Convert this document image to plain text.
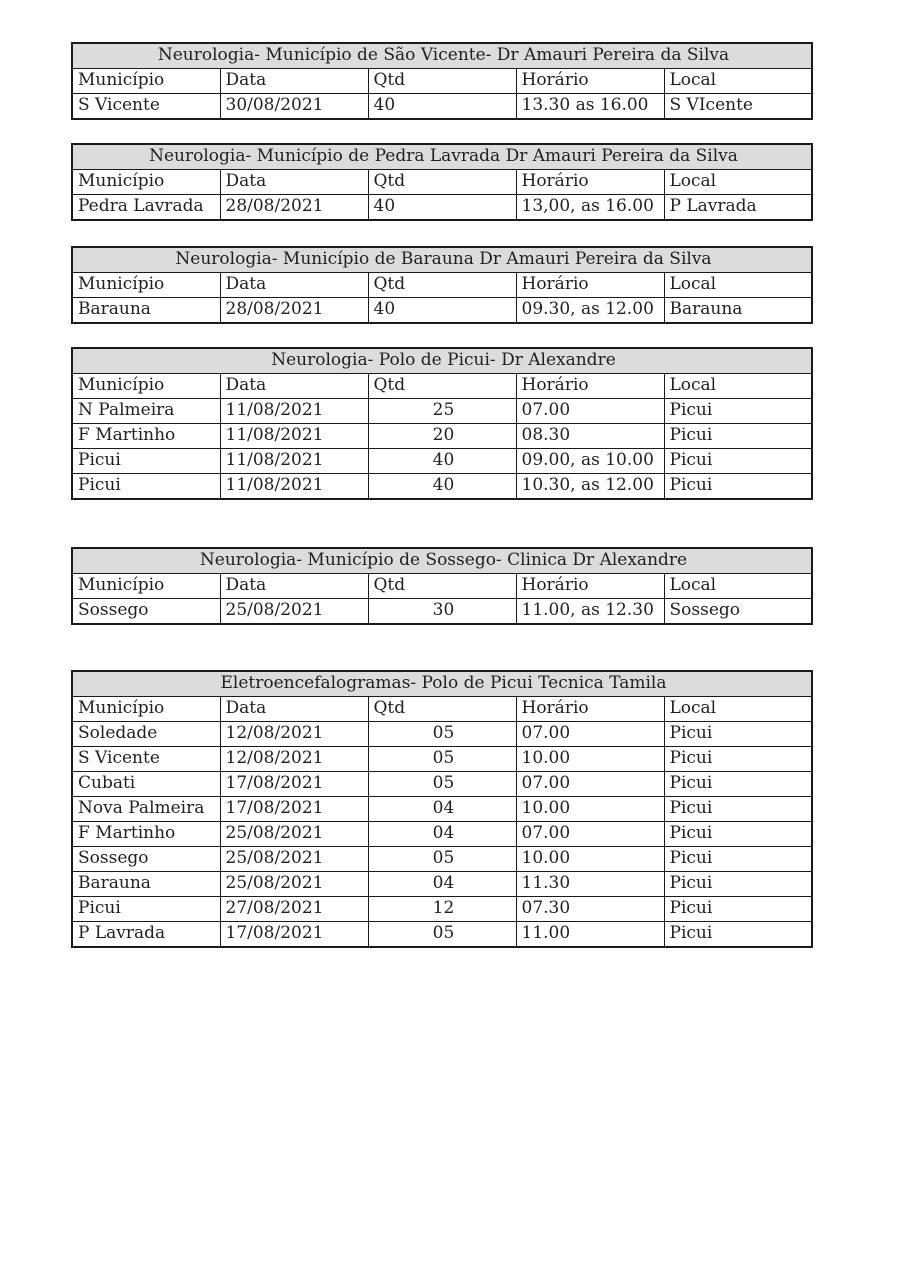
Neurologia- Município de São Vicente- Dr Amauri Pereira da Silva				
Município	Data	Qtd	Horário	Local
S Vicente	30/08/2021	40	13.30 as 16.00	S VIcente
Neurologia- Município de Pedra Lavrada Dr Amauri Pereira da Silva				
Município	Data	Qtd	Horário	Local
Pedra Lavrada	28/08/2021	40	13,00, as 16.00	P Lavrada
Neurologia- Município de Barauna Dr Amauri Pereira da Silva				
Município	Data	Qtd	Horário	Local
Barauna	28/08/2021	40	09.30, as 12.00	Barauna
Neurologia- Polo de Picui- Dr Alexandre				
Município	Data	Qtd	Horário	Local
N Palmeira	11/08/2021	25	07.00	Picui
F Martinho	11/08/2021	20	08.30	Picui
Picui	11/08/2021	40	09.00, as 10.00	Picui
Picui	11/08/2021	40	10.30, as 12.00	Picui
Neurologia- Município de Sossego- Clinica Dr Alexandre				
Município	Data	Qtd	Horário	Local
Sossego	25/08/2021	30	11.00, as 12.30	Sossego
Eletroencefalogramas- Polo de Picui Tecnica Tamila				
Município	Data	Qtd	Horário	Local
Soledade	12/08/2021	05	07.00	Picui
S Vicente	12/08/2021	05	10.00	Picui
Cubati	17/08/2021	05	07.00	Picui
Nova Palmeira	17/08/2021	04	10.00	Picui
F Martinho	25/08/2021	04	07.00	Picui
Sossego	25/08/2021	05	10.00	Picui
Barauna	25/08/2021	04	11.30	Picui
Picui	27/08/2021	12	07.30	Picui
P Lavrada	17/08/2021	05	11.00	Picui
